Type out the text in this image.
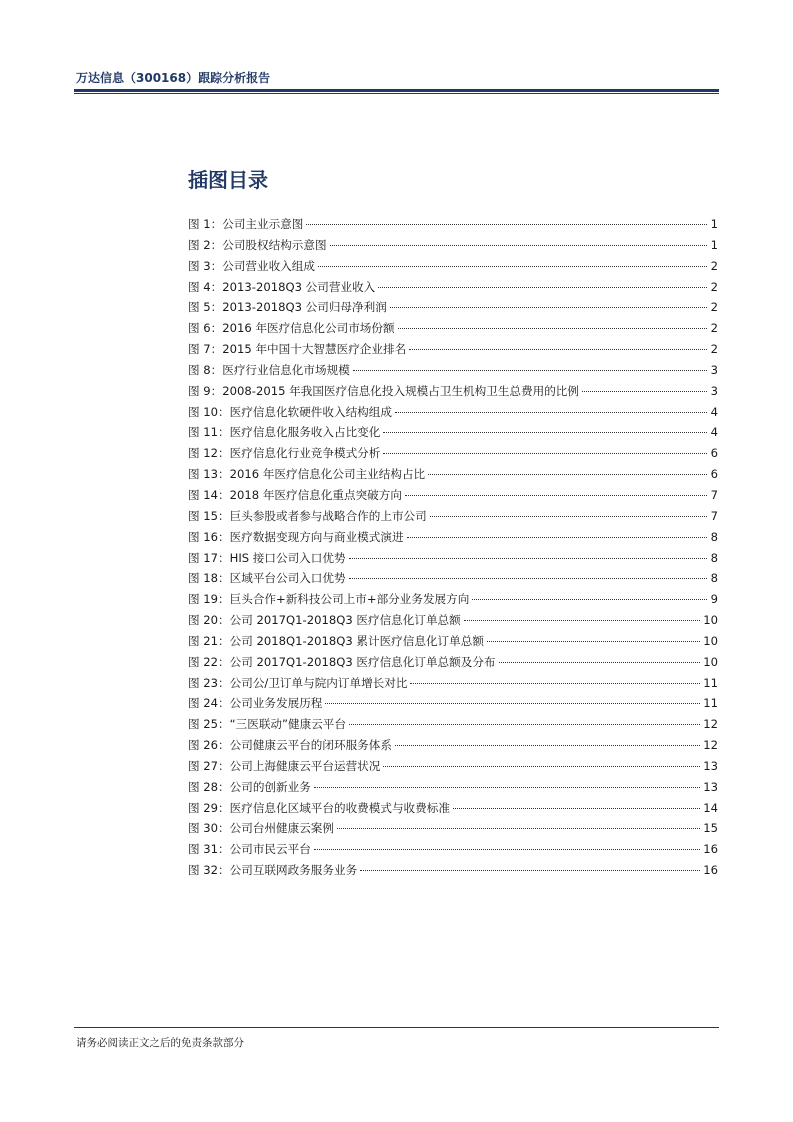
万达信息（300168）跟踪分析报告
插图目录
图 1：公司主业示意图	1
图 2：公司股权结构示意图	1
图 3：公司营业收入组成	2
图 4：2013-2018Q3 公司营业收入	2
图 5：2013-2018Q3 公司归母净利润	2
图 6：2016 年医疗信息化公司市场份额	2
图 7：2015 年中国十大智慧医疗企业排名	2
图 8：医疗行业信息化市场规模	3
图 9：2008-2015 年我国医疗信息化投入规模占卫生机构卫生总费用的比例	3
图 10：医疗信息化软硬件收入结构组成	4
图 11：医疗信息化服务收入占比变化	4
图 12：医疗信息化行业竞争模式分析	6
图 13：2016 年医疗信息化公司主业结构占比	6
图 14：2018 年医疗信息化重点突破方向	7
图 15：巨头参股或者参与战略合作的上市公司	7
图 16：医疗数据变现方向与商业模式演进	8
图 17：HIS 接口公司入口优势	8
图 18：区域平台公司入口优势	8
图 19：巨头合作+新科技公司上市+部分业务发展方向	9
图 20：公司 2017Q1-2018Q3 医疗信息化订单总额	10
图 21：公司 2018Q1-2018Q3 累计医疗信息化订单总额	10
图 22：公司 2017Q1-2018Q3 医疗信息化订单总额及分布	10
图 23：公司公/卫订单与院内订单增长对比	11
图 24：公司业务发展历程	11
图 25：“三医联动”健康云平台	12
图 26：公司健康云平台的闭环服务体系	12
图 27：公司上海健康云平台运营状况	13
图 28：公司的创新业务	13
图 29：医疗信息化区域平台的收费模式与收费标准	14
图 30：公司台州健康云案例	15
图 31：公司市民云平台	16
图 32：公司互联网政务服务业务	16
请务必阅读正文之后的免责条款部分
